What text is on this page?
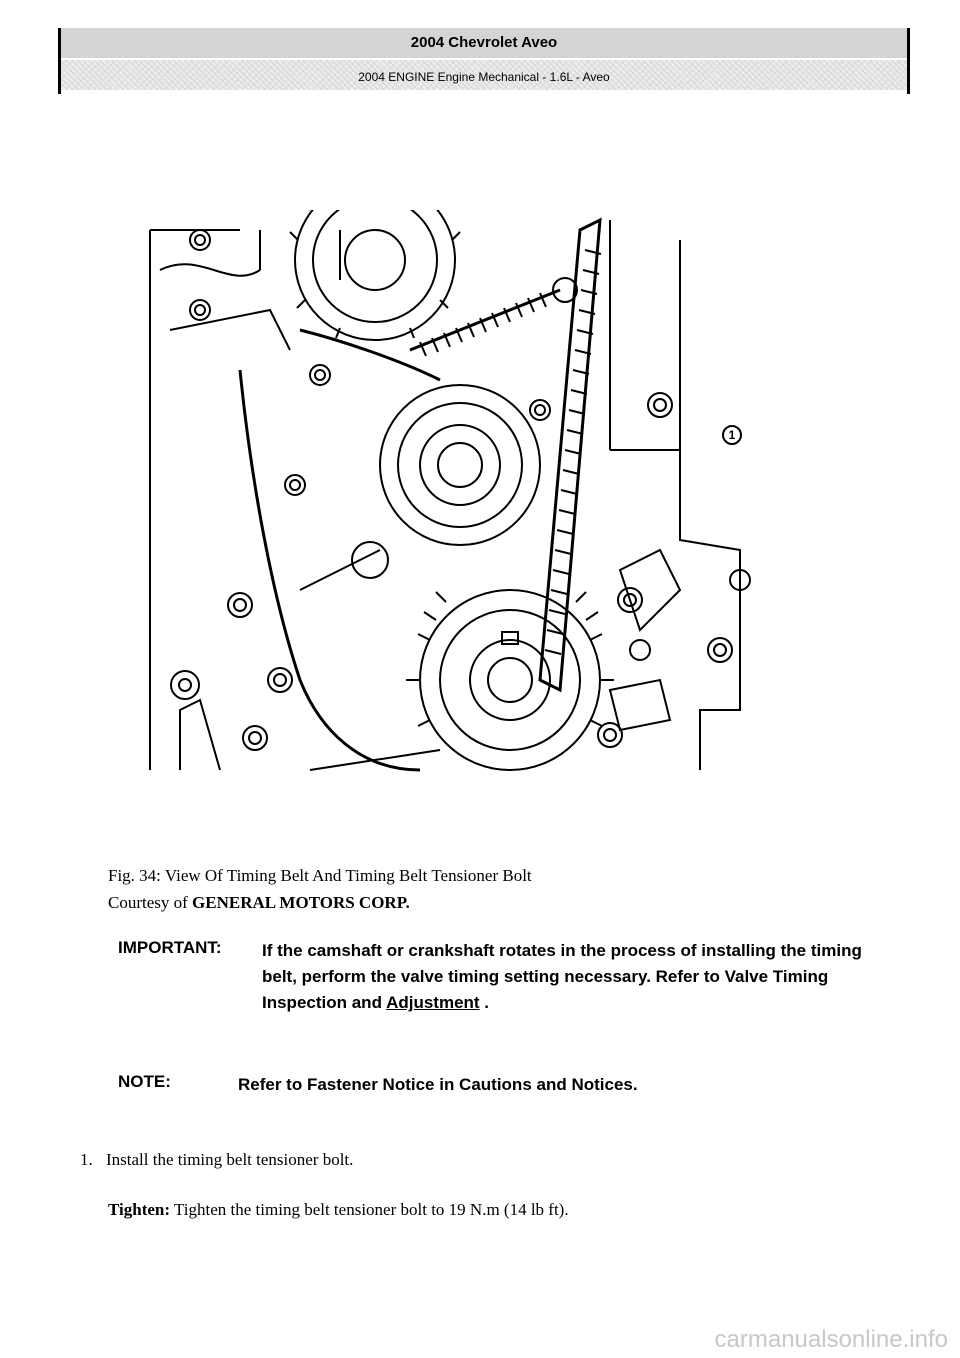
2004 Chevrolet Aveo
2004 ENGINE Engine Mechanical - 1.6L - Aveo
1
Fig. 34: View Of Timing Belt And Timing Belt Tensioner Bolt
Courtesy of GENERAL MOTORS CORP.
IMPORTANT: If the camshaft or crankshaft rotates in the process of installing the timing belt, perform the valve timing setting necessary. Refer to Valve Timing Inspection and Adjustment .
NOTE:	Refer to Fastener Notice in Cautions and Notices.
1. Install the timing belt tensioner bolt.
Tighten: Tighten the timing belt tensioner bolt to 19 N.m (14 lb ft).
carmanualsonline.info
